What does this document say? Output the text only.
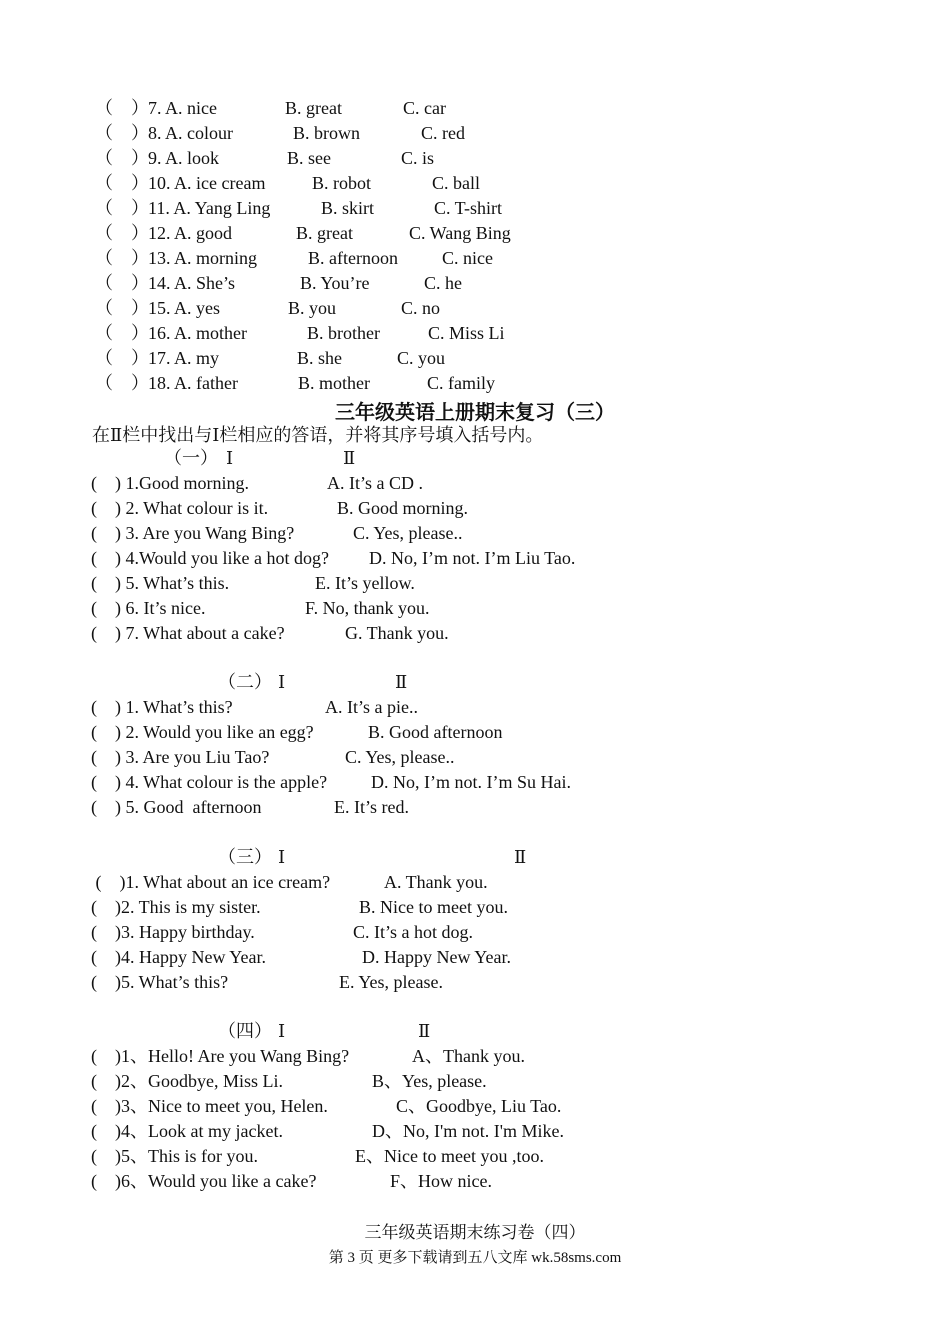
（    ）

7. A. nice

	B. great

	C. car

（    ）

8. A. colour

	B. brown

	C. red

（    ）

9. A. look

	B. see

	C. is

（    ）

10. A. ice cream

	B. robot

	C. ball

（    ）

11. A. Yang Ling

	B. skirt

	C. T-shirt

（    ）

12. A. good

	B. great

	C. Wang Bing

（    ）

13. A. morning

	B. afternoon

C. nice

（    ）

14. A. She’s

	B. You’re

	C. he

（    ）

15. A. yes

	B. you

	C. no

（    ）

16. A. mother

	B. brother

	C. Miss Li

（    ）

17. A. my

	B. she

	C. you

（    ）

18. A. father

	B. mother

	C. family

三年级英语上册期末复习（三）
在Ⅱ栏中找出与Ⅰ栏相应的答语，并将其序号填入括号内。

（一）

Ⅰ

	Ⅱ

(    ) 1.Good morning.

	A. It’s a CD .

(    ) 2. What colour is it.

	B. Good morning.

(    ) 3. Are you Wang Bing?

	C. Yes, please..

(    ) 4.Would you like a hot dog?

D. No, I’m not. I’m Liu Tao.

(    ) 5. What’s this.

	E. It’s yellow.

(    ) 6. It’s nice.

	F. No, thank you.

(    ) 7. What about a cake?

	G. Thank you.

（二）

Ⅰ

	Ⅱ

(    ) 1. What’s this?

	A. It’s a pie..

(    ) 2. Would you like an egg?

	B. Good afternoon

(    ) 3. Are you Liu Tao?

	C. Yes, please..

(    ) 4. What colour is the apple?

D. No, I’m not. I’m Su Hai.

(    ) 5. Good  afternoon

	E. It’s red.

（三）

Ⅰ

	Ⅱ

(    )1. What about an ice cream?

	A. Thank you.

(    )2. This is my sister.

	B. Nice to meet you.

(    )3. Happy birthday.

	C. It’s a hot dog.

(    )4. Happy New Year.

	D. Happy New Year.

(    )5. What’s this?

	E. Yes, please.

（四）

Ⅰ

	Ⅱ

(    )1、Hello! Are you Wang Bing?

	A、Thank you.

(    )2、Goodbye, Miss Li.

	B、Yes, please.

(    )3、Nice to meet you, Helen.

	C、Goodbye, Liu Tao.

(    )4、Look at my jacket.

	D、No, I'm not. I'm Mike.

(    )5、This is for you.

	E、Nice to meet you ,too.

(    )6、Would you like a cake?

	F、How nice.

三年级英语期末练习卷（四）
第 3 页 更多下载请到五八文库 wk.58sms.com
